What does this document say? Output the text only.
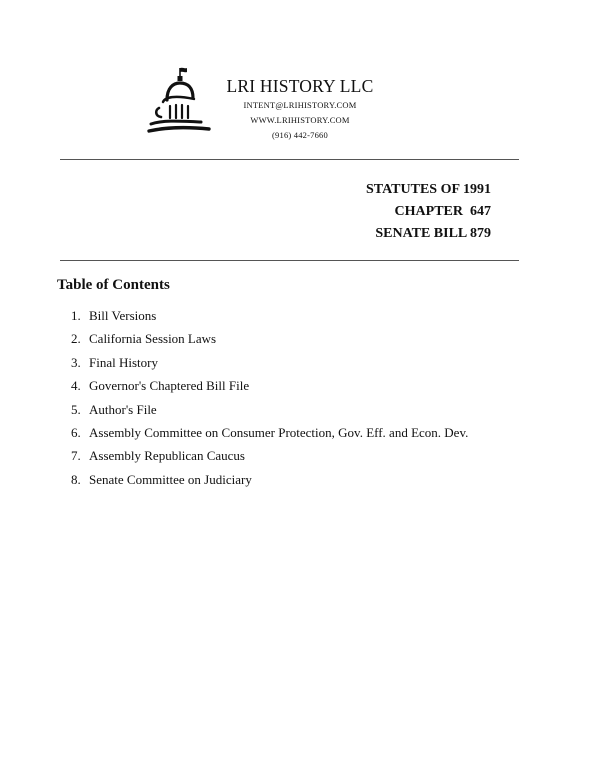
LRI HISTORY LLC
INTENT@LRIHISTORY.COM
WWW.LRIHISTORY.COM
(916) 442-7660
STATUTES OF 1991
CHAPTER  647
SENATE BILL 879
Table of Contents
1. Bill Versions
2. California Session Laws
3. Final History
4. Governor's Chaptered Bill File
5. Author's File
6. Assembly Committee on Consumer Protection, Gov. Eff. and Econ. Dev.
7. Assembly Republican Caucus
8. Senate Committee on Judiciary
